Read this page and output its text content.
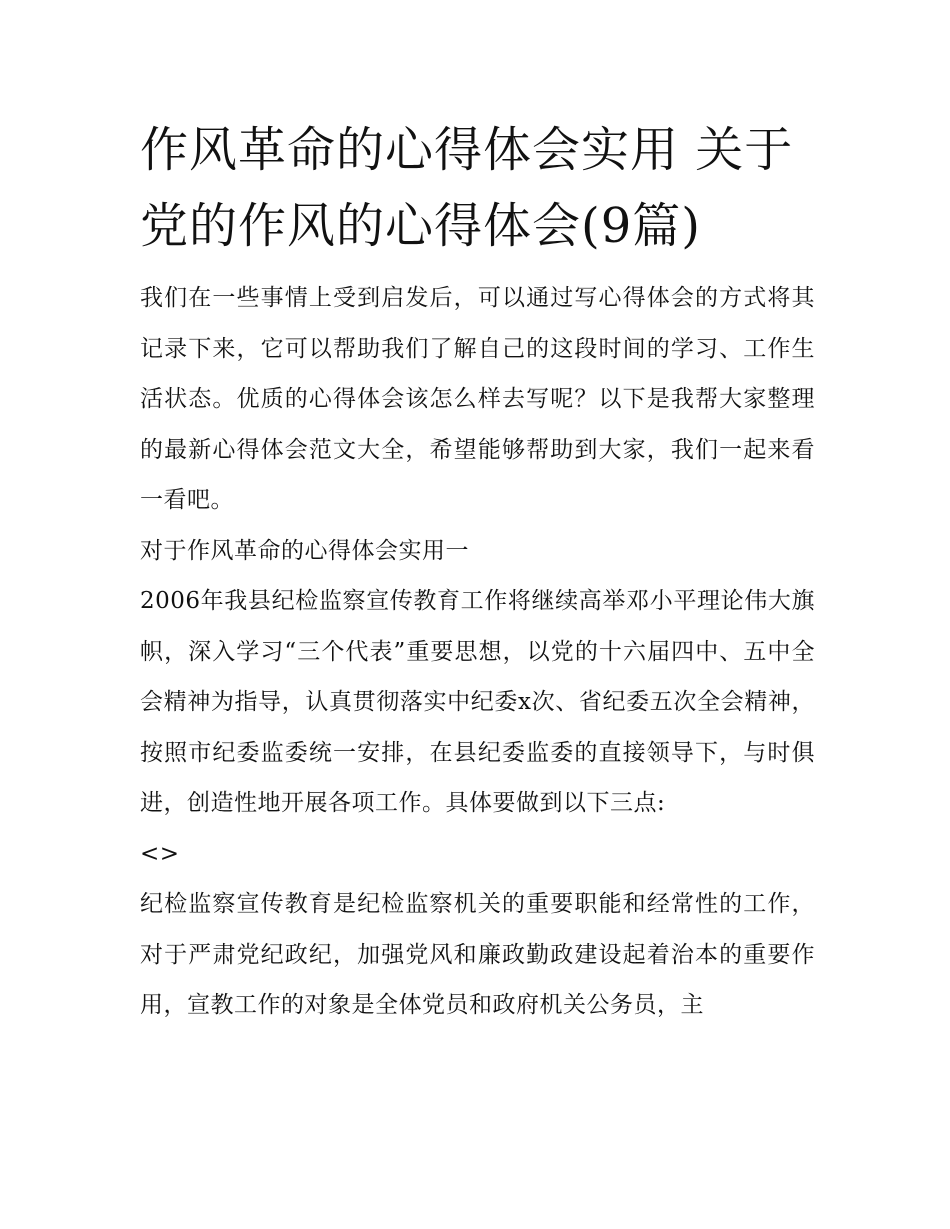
作风革命的心得体会实用 关于党的作风的心得体会(9篇)

我们在一些事情上受到启发后，可以通过写心得体会的方式将其记录下来，它可以帮助我们了解自己的这段时间的学习、工作生活状态。优质的心得体会该怎么样去写呢？以下是我帮大家整理的最新心得体会范文大全，希望能够帮助到大家，我们一起来看一看吧。

对于作风革命的心得体会实用一

2006年我县纪检监察宣传教育工作将继续高举邓小平理论伟大旗帜，深入学习“三个代表”重要思想，以党的十六届四中、五中全会精神为指导，认真贯彻落实中纪委x次、省纪委五次全会精神，按照市纪委监委统一安排，在县纪委监委的直接领导下，与时俱进，创造性地开展各项工作。具体要做到以下三点:

<>

纪检监察宣传教育是纪检监察机关的重要职能和经常性的工作，对于严肃党纪政纪，加强党风和廉政勤政建设起着治本的重要作用，宣教工作的对象是全体党员和政府机关公务员，主
